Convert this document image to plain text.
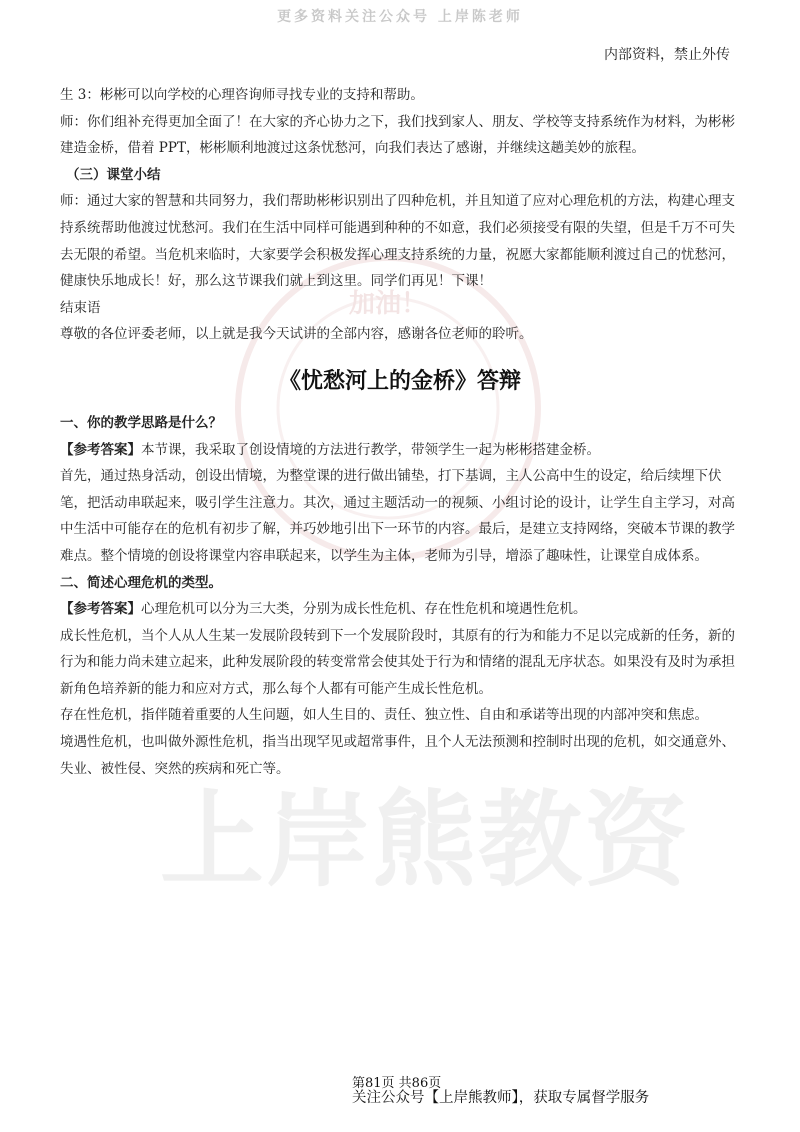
更多资料关注公众号 上岸陈老师
内部资料，禁止外传
加油！
上岸熊教资

生 3：彬彬可以向学校的心理咨询师寻找专业的支持和帮助。

师：你们组补充得更加全面了！在大家的齐心协力之下，我们找到家人、朋友、学校等支持系统作为材料，为彬彬建造金桥，借着 PPT，彬彬顺利地渡过这条忧愁河，向我们表达了感谢，并继续这趟美妙的旅程。

（三）课堂小结

师：通过大家的智慧和共同努力，我们帮助彬彬识别出了四种危机，并且知道了应对心理危机的方法，构建心理支持系统帮助他渡过忧愁河。我们在生活中同样可能遇到种种的不如意，我们必须接受有限的失望，但是千万不可失去无限的希望。当危机来临时，大家要学会积极发挥心理支持系统的力量，祝愿大家都能顺利渡过自己的忧愁河，健康快乐地成长！好，那么这节课我们就上到这里。同学们再见！下课！

结束语

尊敬的各位评委老师，以上就是我今天试讲的全部内容，感谢各位老师的聆听。

《忧愁河上的金桥》答辩

一、你的教学思路是什么？

【参考答案】本节课，我采取了创设情境的方法进行教学，带领学生一起为彬彬搭建金桥。

首先，通过热身活动，创设出情境，为整堂课的进行做出铺垫，打下基调，主人公高中生的设定，给后续埋下伏笔，把活动串联起来，吸引学生注意力。其次，通过主题活动一的视频、小组讨论的设计，让学生自主学习，对高中生活中可能存在的危机有初步了解，并巧妙地引出下一环节的内容。最后，是建立支持网络，突破本节课的教学难点。整个情境的创设将课堂内容串联起来，以学生为主体，老师为引导，增添了趣味性，让课堂自成体系。

二、简述心理危机的类型。

【参考答案】心理危机可以分为三大类，分别为成长性危机、存在性危机和境遇性危机。

成长性危机，当个人从人生某一发展阶段转到下一个发展阶段时，其原有的行为和能力不足以完成新的任务，新的行为和能力尚未建立起来，此种发展阶段的转变常常会使其处于行为和情绪的混乱无序状态。如果没有及时为承担新角色培养新的能力和应对方式，那么每个人都有可能产生成长性危机。

存在性危机，指伴随着重要的人生问题，如人生目的、责任、独立性、自由和承诺等出现的内部冲突和焦虑。

境遇性危机，也叫做外源性危机，指当出现罕见或超常事件，且个人无法预测和控制时出现的危机，如交通意外、失业、被性侵、突然的疾病和死亡等。

第81页 共86页
关注公众号【上岸熊教师】，获取专属督学服务
